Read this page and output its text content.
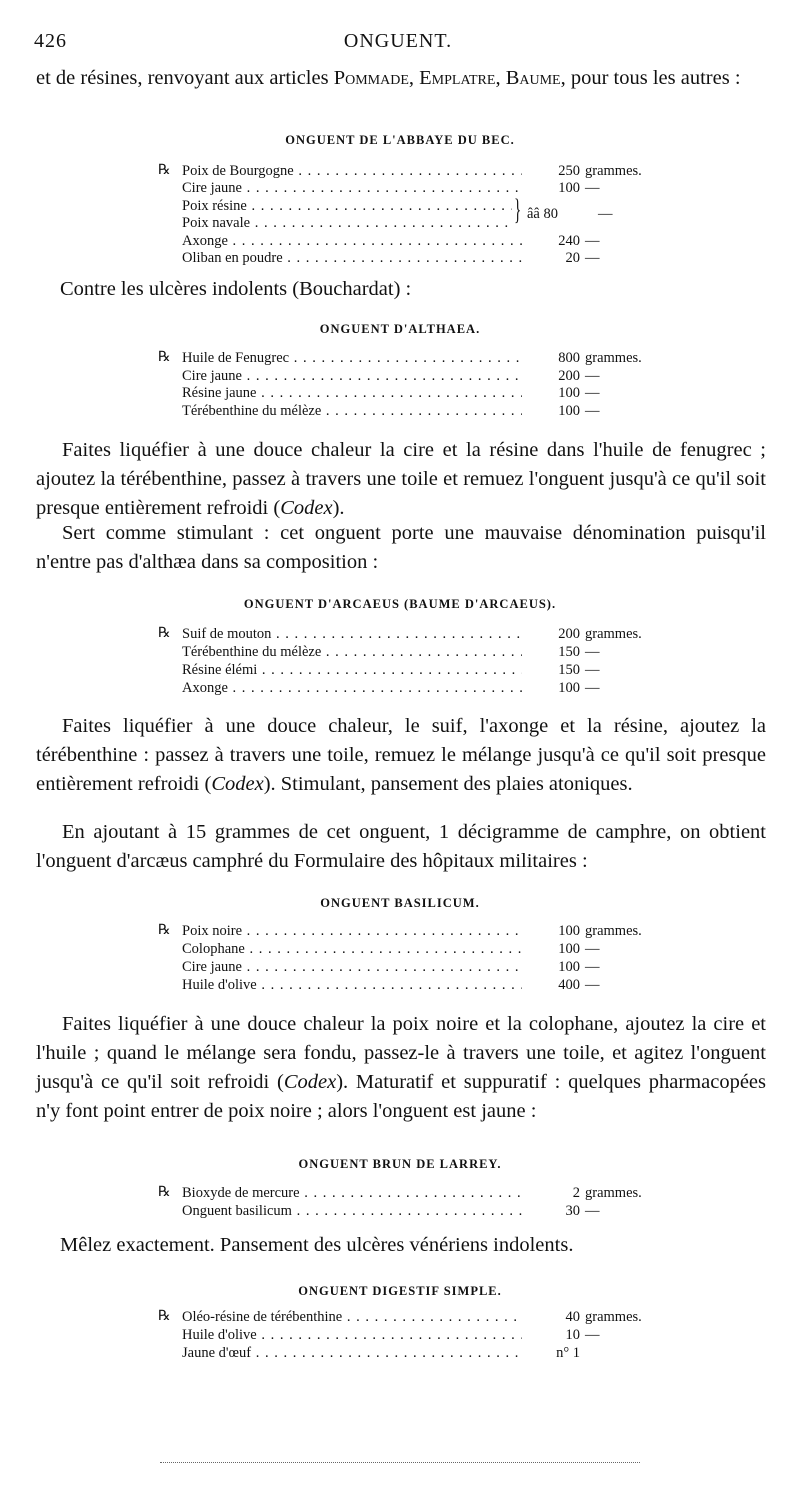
426	ONGUENT.
et de résines, renvoyant aux articles Pommade, Emplatre, Baume, pour tous les autres :
ONGUENT DE L'ABBAYE DU BEC.
℞ Poix de Bourgogne . . .	250 grammes.
Cire jaune . . .	100 —
Poix résine . . .
Poix navale . . .	} ââ 80	—
Axonge . . .	240 —
Oliban en poudre . . .	20 —
Contre les ulcères indolents (Bouchardat) :
ONGUENT D'ALTHAEA.
℞ Huile de Fenugrec . . .	800 grammes.
Cire jaune . . .	200 —
Résine jaune . . .	100 —
Térébenthine du mélèze . . .	100 —
Faites liquéfier à une douce chaleur la cire et la résine dans l'huile de fenugrec ; ajoutez la térébenthine, passez à travers une toile et remuez l'onguent jusqu'à ce qu'il soit presque entièrement refroidi (Codex).
Sert comme stimulant : cet onguent porte une mauvaise dénomination puisqu'il n'entre pas d'althæa dans sa composition :
ONGUENT D'ARCAEUS (BAUME D'ARCAEUS).
℞ Suif de mouton . . .	200 grammes.
Térébenthine du mélèze . . .	150 —
Résine élémi . . .	150 —
Axonge . . .	100 —
Faites liquéfier à une douce chaleur, le suif, l'axonge et la résine, ajoutez la térébenthine : passez à travers une toile, remuez le mélange jusqu'à ce qu'il soit presque entièrement refroidi (Codex). Stimulant, pansement des plaies atoniques.
En ajoutant à 15 grammes de cet onguent, 1 décigramme de camphre, on obtient l'onguent d'arcæus camphré du Formulaire des hôpitaux militaires :
ONGUENT BASILICUM.
℞ Poix noire . . .	100 grammes.
Colophane . . .	100 —
Cire jaune . . .	100 —
Huile d'olive . . .	400 —
Faites liquéfier à une douce chaleur la poix noire et la colophane, ajoutez la cire et l'huile ; quand le mélange sera fondu, passez-le à travers une toile, et agitez l'onguent jusqu'à ce qu'il soit refroidi (Codex). Maturatif et suppuratif : quelques pharmacopées n'y font point entrer de poix noire ; alors l'onguent est jaune :
ONGUENT BRUN DE LARREY.
℞ Bioxyde de mercure . . .	2 grammes.
Onguent basilicum . . .	30 —
Mêlez exactement. Pansement des ulcères vénériens indolents.
ONGUENT DIGESTIF SIMPLE.
℞ Oléo-résine de térébenthine . . .	40 grammes.
Huile d'olive . . .	10 —
Jaune d'œuf . . .	n° 1
